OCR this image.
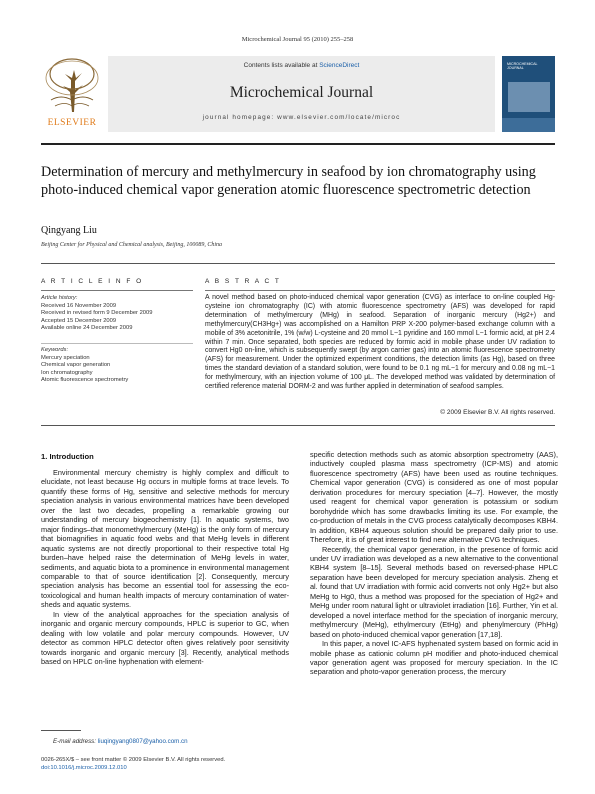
Microchemical Journal 95 (2010) 255–258
ELSEVIER
Contents lists available at ScienceDirect
Microchemical Journal
journal homepage: www.elsevier.com/locate/microc
MICROCHEMICAL JOURNAL
Determination of mercury and methylmercury in seafood by ion chromatography using photo-induced chemical vapor generation atomic fluorescence spectrometric detection
Qingyang Liu
Beijing Center for Physical and Chemical analysis, Beijing, 100089, China
A R T I C L E I N F O
Article history:
Received 16 November 2009
Received in revised form 9 December 2009
Accepted 15 December 2009
Available online 24 December 2009
Keywords:
Mercury speciation
Chemical vapor generation
Ion chromatography
Atomic fluorescence spectrometry
A B S T R A C T
A novel method based on photo-induced chemical vapor generation (CVG) as interface to on-line coupled Hg-cysteine ion chromatography (IC) with atomic fluorescence spectrometry (AFS) was developed for rapid determination of methylmercury (MHg) in seafood. Separation of inorganic mercury (Hg2+) and methylmercury(CH3Hg+) was accomplished on a Hamilton PRP X-200 polymer-based exchange column with a mobile of 3% acetonitrile, 1% (w/w) L-cysteine and 20 mmol L−1 pyridine and 160 mmol L−1 formic acid, at pH 2.4 within 7 min. Once separated, both species are reduced by formic acid in mobile phase under UV radiation to convert Hg0 on-line, which is subsequently swept (by argon carrier gas) into an atomic fluorescence spectrometry (AFS) for measurement. Under the optimized experiment conditions, the detection limits (as Hg), based on three times the standard deviation of a standard solution, were found to be 0.1 ng mL−1 for mercury and 0.08 ng mL−1 for methylmercury, with an injection volume of 100 μL. The developed method was validated by determination of certified reference material DORM-2 and was further applied in determination of seafood samples.
© 2009 Elsevier B.V. All rights reserved.
1. Introduction

Environmental mercury chemistry is highly complex and difficult to elucidate, not least because Hg occurs in multiple forms at trace levels. To quantify these forms of Hg, sensitive and selective methods for mercury speciation analysis in various environmental matrices have been developed over the last two decades, propelling a remarkable growing our understanding of mercury biogeochemistry [1]. In aquatic systems, two major findings–that monomethylmercury (MeHg) is the only form of mercury that biomagnifies in aquatic food webs and that MeHg levels in different aquatic systems are not directly proportional to their respective total Hg burden–have helped raise the determination of MeHg levels in water, sediments, and aquatic biota to a prominence in environmental management comparable to that of source identification [2]. Consequently, mercury speciation analysis has become an essential tool for assessing the eco-toxicological and human health impacts of mercury contamination of water-sheds and aquatic systems.

In view of the analytical approaches for the speciation analysis of inorganic and organic mercury compounds, HPLC is superior to GC, when dealing with low volatile and polar mercury compounds. However, UV detector as common HPLC detector often gives relatively poor sensitivity towards inorganic and organic mercury [3]. Recently, analytical methods based on HPLC on-line hyphenation with element-

specific detection methods such as atomic absorption spectrometry (AAS), inductively coupled plasma mass spectrometry (ICP-MS) and atomic fluorescence spectrometry (AFS) have been used as routine techniques. Chemical vapor generation (CVG) is considered as one of most popular derivation procedures for mercury speciation [4–7]. However, the mostly used reagent for chemical vapor generation is potassium or sodium borohydride which has some drawbacks limiting its use. For example, the co-production of metals in the CVG process catalytically decomposes KBH4. In addition, KBH4 aqueous solution should be prepared daily prior to use. Therefore, it is of great interest to find new alternative CVG techniques.

Recently, the chemical vapor generation, in the presence of formic acid under UV irradiation was developed as a new alternative to the conventional KBH4 system [8–15]. Several methods based on reversed-phase HPLC separation have been developed for mercury speciation analysis. Zheng et al. found that UV irradiation with formic acid converts not only Hg2+ but also MeHg to Hg0, thus a method was proposed for the speciation of Hg2+ and MeHg under room natural light or ultraviolet irradiation [16]. Further, Yin et al. developed a novel interface method for the speciation of inorganic mercury, methylmercury (MeHg), ethylmercury (EtHg) and phenylmercury (PhHg) based on photo-induced chemical vapor generation [17,18].

In this paper, a novel IC-AFS hyphenated system based on formic acid in mobile phase as cationic column pH modifier and photo-induced chemical vapor generation agent was proposed for mercury speciation. In the IC separation and photo-vapor generation process, the mercury

E-mail address: liuqingyang0807@yahoo.com.cn
0026-265X/$ – see front matter © 2009 Elsevier B.V. All rights reserved.
doi:10.1016/j.microc.2009.12.010
